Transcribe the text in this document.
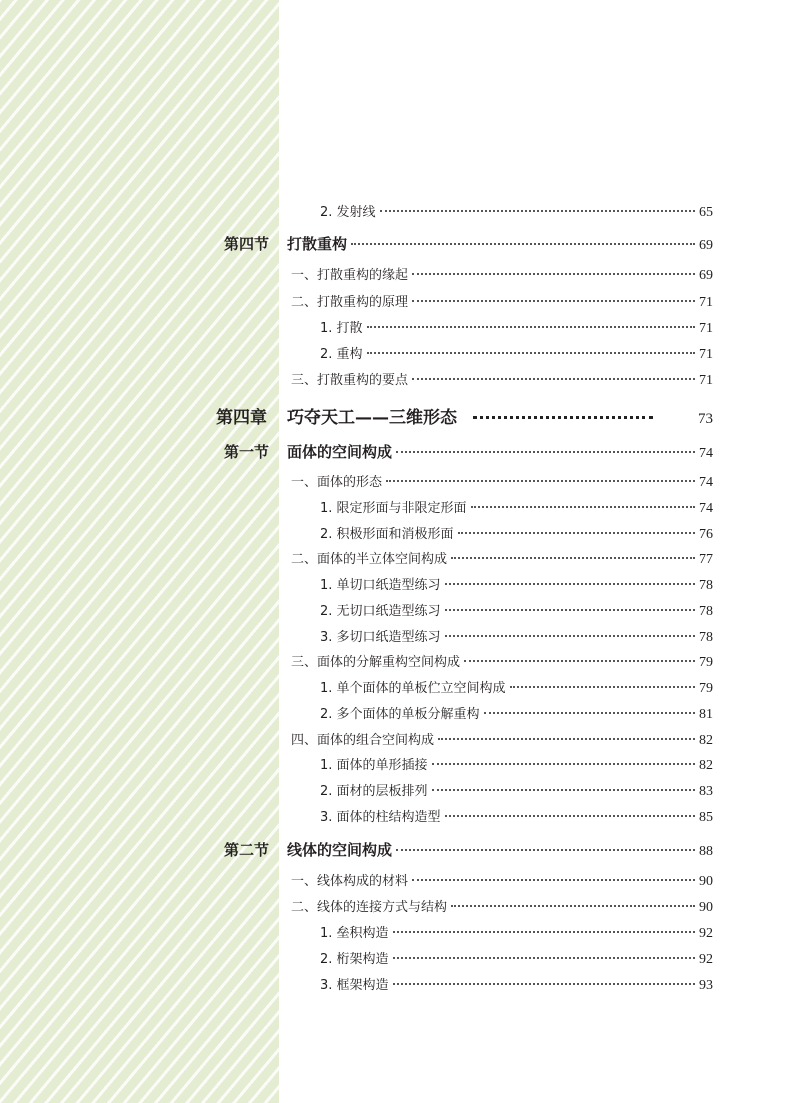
2. 发射线	65
第四节 打散重构	69
一、打散重构的缘起	69
二、打散重构的原理	71
1. 打散	71
2. 重构	71
三、打散重构的要点	71
第四章 巧夺天工——三维形态	73
第一节 面体的空间构成	74
一、面体的形态	74
1. 限定形面与非限定形面	74
2. 积极形面和消极形面	76
二、面体的半立体空间构成	77
1. 单切口纸造型练习	78
2. 无切口纸造型练习	78
3. 多切口纸造型练习	78
三、面体的分解重构空间构成	79
1. 单个面体的单板伫立空间构成	79
2. 多个面体的单板分解重构	81
四、面体的组合空间构成	82
1. 面体的单形插接	82
2. 面材的层板排列	83
3. 面体的柱结构造型	85
第二节 线体的空间构成	88
一、线体构成的材料	90
二、线体的连接方式与结构	90
1. 垒积构造	92
2. 桁架构造	92
3. 框架构造	93
